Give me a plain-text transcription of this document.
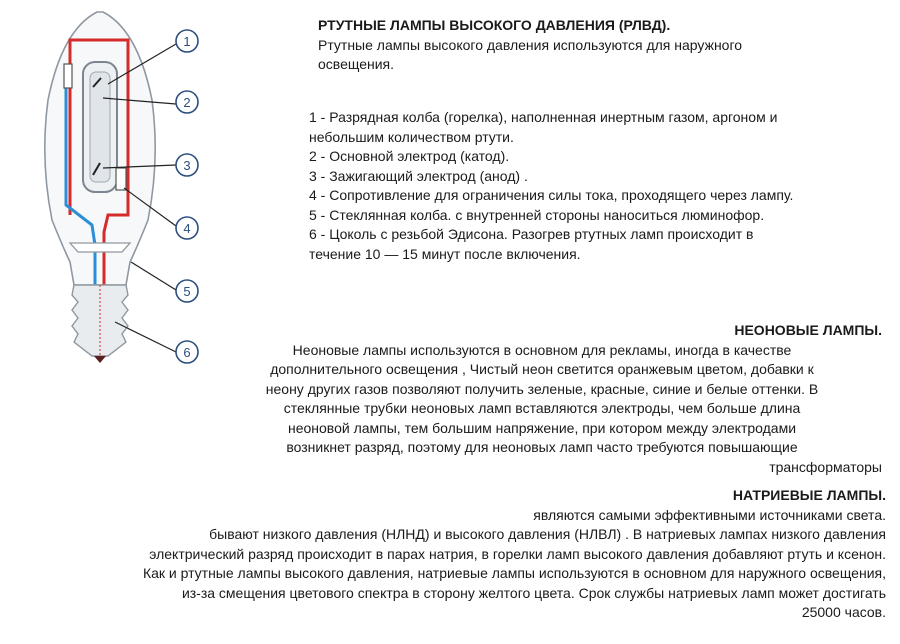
1
2
3
4
5
6
РТУТНЫЕ ЛАМПЫ ВЫСОКОГО ДАВЛЕНИЯ (РЛВД).
Ртутные лампы высокого давления используются для наружного
освещения.
1 - Разрядная колба (горелка), наполненная инертным газом, аргоном и
небольшим количеством ртути.
2 - Основной электрод (катод).
3 - Зажигающий электрод (анод) .
4 - Сопротивление для ограничения силы тока, проходящего через лампу.
5 - Стеклянная колба. с внутренней стороны наноситься люминофор.
6 - Цоколь с резьбой Эдисона. Разогрев ртутных ламп происходит в
течение 10 — 15 минут после включения.
НЕОНОВЫЕ ЛАМПЫ.
Неоновые лампы используются в основном для рекламы, иногда в качестве
дополнительного освещения , Чистый неон светится оранжевым цветом, добавки к
неону других газов позволяют получить зеленые, красные, синие и белые оттенки. В
стеклянные трубки неоновых ламп вставляются электроды, чем больше длина
неоновой лампы, тем большим напряжение, при котором между электродами
возникнет разряд, поэтому для неоновых ламп часто требуются повышающие
трансформаторы
НАТРИЕВЫЕ ЛАМПЫ.
являются самыми эффективными источниками света.
бывают низкого давления (НЛНД) и высокого давления (НЛВЛ) . В натриевых лампах низкого давления
электрический разряд происходит в парах натрия, в горелки ламп высокого давления добавляют ртуть и ксенон.
Как и ртутные лампы высокого давления, натриевые лампы используются в основном для наружного освещения,
из-за смещения цветового спектра в сторону желтого цвета. Срок службы натриевых ламп может достигать
25000 часов.
